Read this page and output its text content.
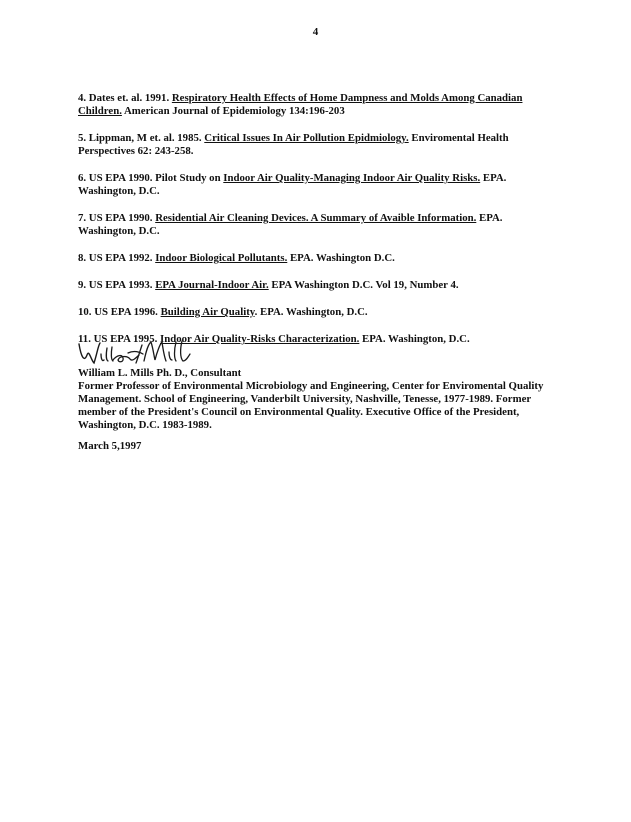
4

4. Dates et. al. 1991. Respiratory Health Effects of Home Dampness and Molds Among Canadian Children. American Journal of Epidemiology 134:196-203

5. Lippman, M et. al. 1985. Critical Issues In Air Pollution Epidmiology. Enviromental Health Perspectives 62: 243-258.

6. US EPA 1990. Pilot Study on Indoor Air Quality-Managing Indoor Air Quality Risks. EPA. Washington, D.C.

7. US EPA 1990. Residential Air Cleaning Devices. A Summary of Avaible Information. EPA. Washington, D.C.

8. US EPA 1992. Indoor Biological Pollutants. EPA. Washington D.C.

9. US EPA 1993. EPA Journal-Indoor Air. EPA Washington D.C. Vol 19, Number 4.

10. US EPA 1996. Building Air Quality. EPA. Washington, D.C.

11. US EPA 1995. Indoor Air Quality-Risks Characterization. EPA. Washington, D.C.

William L. Mills Ph. D., Consultant

Former Professor of Environmental Microbiology and Engineering, Center for Enviromental Quality Management. School of Engineering, Vanderbilt University, Nashville, Tenesse, 1977-1989. Former member of the President's Council on Environmental Quality. Executive Office of the President, Washington, D.C. 1983-1989.

March 5,1997
